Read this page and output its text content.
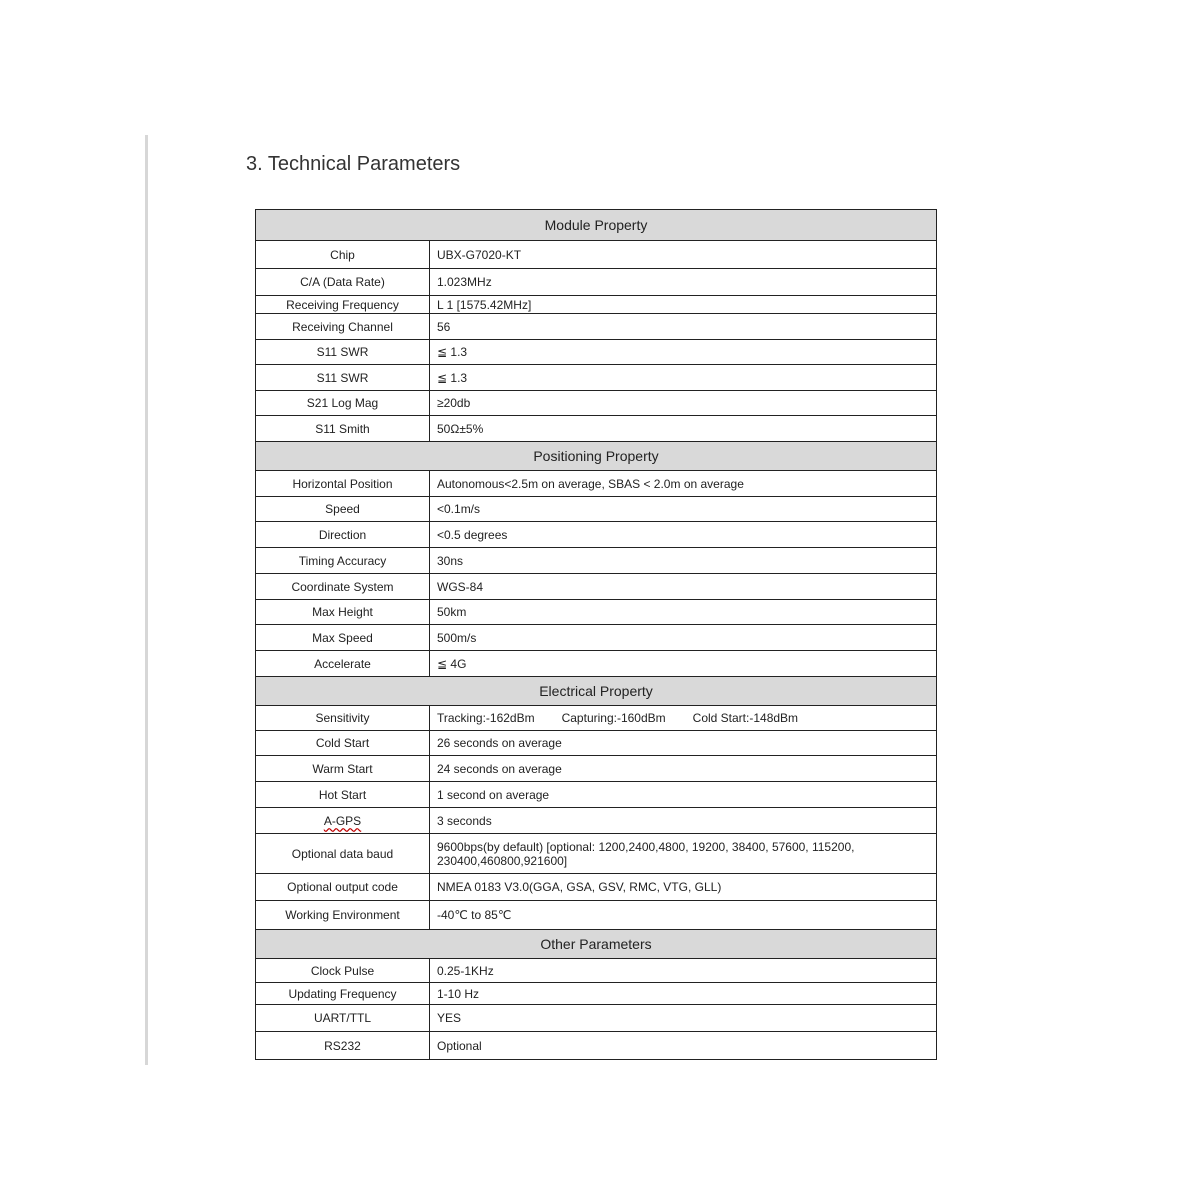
3. Technical Parameters
Module Property	
Chip	UBX-G7020-KT
C/A (Data Rate)	1.023MHz
Receiving Frequency	L 1 [1575.42MHz]
Receiving Channel	56
S11 SWR	≦ 1.3
S11 SWR	≦ 1.3
S21 Log Mag	≥20db
S11 Smith	50Ω±5%
Positioning Property	
Horizontal Position	Autonomous<2.5m on average, SBAS < 2.0m on average
Speed	<0.1m/s
Direction	<0.5 degrees
Timing Accuracy	30ns
Coordinate System	WGS-84
Max Height	50km
Max Speed	500m/s
Accelerate	≦ 4G
Electrical Property	
Sensitivity	Tracking:-162dBm Capturing:-160dBm Cold Start:-148dBm
Cold Start	26 seconds on average
Warm Start	24 seconds on average
Hot Start	1 second on average
A-GPS	3 seconds
Optional data baud	9600bps(by default) [optional: 1200,2400,4800, 19200, 38400, 57600, 115200, 230400,460800,921600]
Optional output code	NMEA 0183 V3.0(GGA, GSA, GSV, RMC, VTG, GLL)
Working Environment	-40℃ to 85℃
Other Parameters	
Clock Pulse	0.25-1KHz
Updating Frequency	1-10 Hz
UART/TTL	YES
RS232	Optional
